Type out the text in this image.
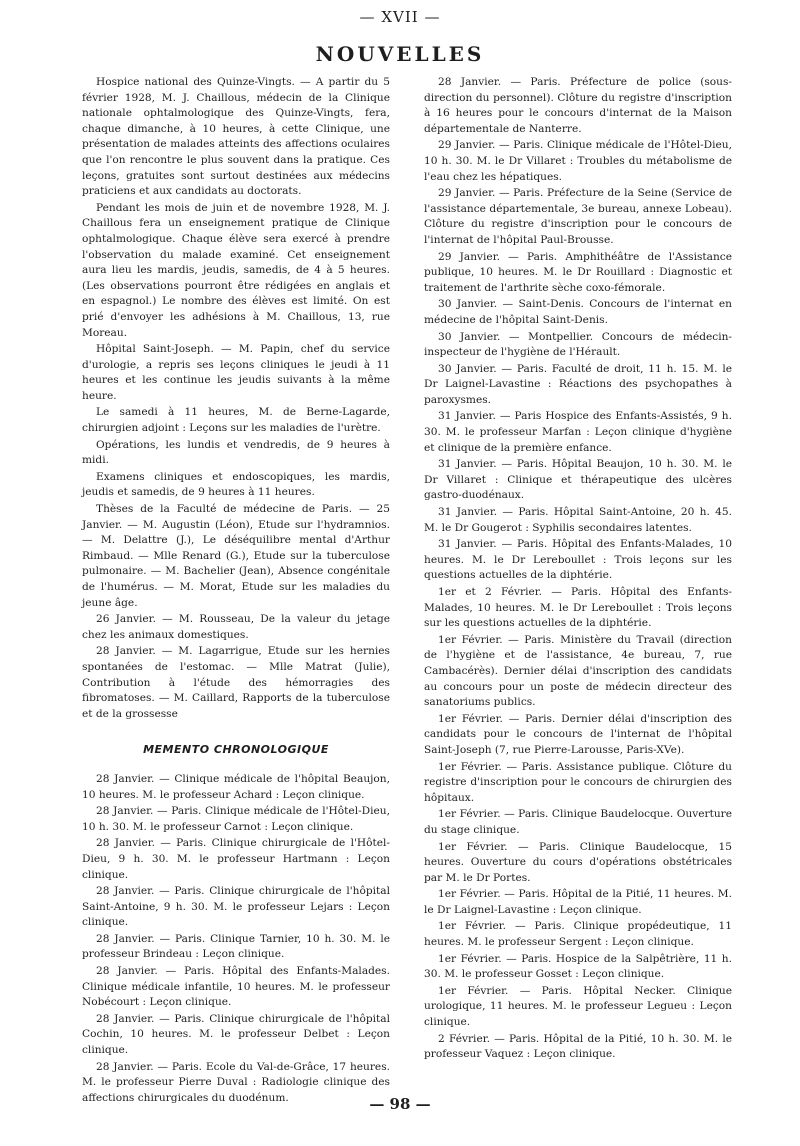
— XVII —
NOUVELLES

Hospice national des Quinze-Vingts. — A partir du 5 février 1928, M. J. Chaillous, médecin de la Clinique nationale ophtalmologique des Quinze-Vingts, fera, chaque dimanche, à 10 heures, à cette Clinique, une présentation de malades atteints des affections oculaires que l'on rencontre le plus souvent dans la pratique. Ces leçons, gratuites sont surtout destinées aux médecins praticiens et aux candidats au doctorats.

Pendant les mois de juin et de novembre 1928, M. J. Chaillous fera un enseignement pratique de Clinique ophtalmologique. Chaque élève sera exercé à prendre l'observation du malade examiné. Cet enseignement aura lieu les mardis, jeudis, samedis, de 4 à 5 heures. (Les observations pourront être rédigées en anglais et en espagnol.) Le nombre des élèves est limité. On est prié d'envoyer les adhésions à M. Chaillous, 13, rue Moreau.

Hôpital Saint-Joseph. — M. Papin, chef du service d'urologie, a repris ses leçons cliniques le jeudi à 11 heures et les continue les jeudis suivants à la même heure.

Le samedi à 11 heures, M. de Berne-Lagarde, chirurgien adjoint : Leçons sur les maladies de l'urètre.

Opérations, les lundis et vendredis, de 9 heures à midi.

Examens cliniques et endoscopiques, les mardis, jeudis et samedis, de 9 heures à 11 heures.

Thèses de la Faculté de médecine de Paris. — 25 Janvier. — M. Augustin (Léon), Etude sur l'hydramnios. — M. Delattre (J.), Le déséquilibre mental d'Arthur Rimbaud. — Mlle Renard (G.), Etude sur la tuberculose pulmonaire. — M. Bachelier (Jean), Absence congénitale de l'humérus. — M. Morat, Etude sur les maladies du jeune âge.

26 Janvier. — M. Rousseau, De la valeur du jetage chez les animaux domestiques.

28 Janvier. — M. Lagarrigue, Etude sur les hernies spontanées de l'estomac. — Mlle Matrat (Julie), Contribution à l'étude des hémorragies des fibromatoses. — M. Caillard, Rapports de la tuberculose et de la grossesse

MEMENTO CHRONOLOGIQUE

28 Janvier. — Clinique médicale de l'hôpital Beaujon, 10 heures. M. le professeur Achard : Leçon clinique.

28 Janvier. — Paris. Clinique médicale de l'Hôtel-Dieu, 10 h. 30. M. le professeur Carnot : Leçon clinique.

28 Janvier. — Paris. Clinique chirurgicale de l'Hôtel-Dieu, 9 h. 30. M. le professeur Hartmann : Leçon clinique.

28 Janvier. — Paris. Clinique chirurgicale de l'hôpital Saint-Antoine, 9 h. 30. M. le professeur Lejars : Leçon clinique.

28 Janvier. — Paris. Clinique Tarnier, 10 h. 30. M. le professeur Brindeau : Leçon clinique.

28 Janvier. — Paris. Hôpital des Enfants-Malades. Clinique médicale infantile, 10 heures. M. le professeur Nobécourt : Leçon clinique.

28 Janvier. — Paris. Clinique chirurgicale de l'hôpital Cochin, 10 heures. M. le professeur Delbet : Leçon clinique.

28 Janvier. — Paris. Ecole du Val-de-Grâce, 17 heures. M. le professeur Pierre Duval : Radiologie clinique des affections chirurgicales du duodénum.

28 Janvier. — Paris. Préfecture de police (sous-direction du personnel). Clôture du registre d'inscription à 16 heures pour le concours d'internat de la Maison départementale de Nanterre.

29 Janvier. — Paris. Clinique médicale de l'Hôtel-Dieu, 10 h. 30. M. le Dr Villaret : Troubles du métabolisme de l'eau chez les hépatiques.

29 Janvier. — Paris. Préfecture de la Seine (Service de l'assistance départementale, 3e bureau, annexe Lobeau). Clôture du registre d'inscription pour le concours de l'internat de l'hôpital Paul-Brousse.

29 Janvier. — Paris. Amphithéâtre de l'Assistance publique, 10 heures. M. le Dr Rouillard : Diagnostic et traitement de l'arthrite sèche coxo-fémorale.

30 Janvier. — Saint-Denis. Concours de l'internat en médecine de l'hôpital Saint-Denis.

30 Janvier. — Montpellier. Concours de médecin-inspecteur de l'hygiène de l'Hérault.

30 Janvier. — Paris. Faculté de droit, 11 h. 15. M. le Dr Laignel-Lavastine : Réactions des psychopathes à paroxysmes.

31 Janvier. — Paris Hospice des Enfants-Assistés, 9 h. 30. M. le professeur Marfan : Leçon clinique d'hygiène et clinique de la première enfance.

31 Janvier. — Paris. Hôpital Beaujon, 10 h. 30. M. le Dr Villaret : Clinique et thérapeutique des ulcères gastro-duodénaux.

31 Janvier. — Paris. Hôpital Saint-Antoine, 20 h. 45. M. le Dr Gougerot : Syphilis secondaires latentes.

31 Janvier. — Paris. Hôpital des Enfants-Malades, 10 heures. M. le Dr Lereboullet : Trois leçons sur les questions actuelles de la diphtérie.

1er et 2 Février. — Paris. Hôpital des Enfants-Malades, 10 heures. M. le Dr Lereboullet : Trois leçons sur les questions actuelles de la diphtérie.

1er Février. — Paris. Ministère du Travail (direction de l'hygiène et de l'assistance, 4e bureau, 7, rue Cambacérès). Dernier délai d'inscription des candidats au concours pour un poste de médecin directeur des sanatoriums publics.

1er Février. — Paris. Dernier délai d'inscription des candidats pour le concours de l'internat de l'hôpital Saint-Joseph (7, rue Pierre-Larousse, Paris-XVe).

1er Février. — Paris. Assistance publique. Clôture du registre d'inscription pour le concours de chirurgien des hôpitaux.

1er Février. — Paris. Clinique Baudelocque. Ouverture du stage clinique.

1er Février. — Paris. Clinique Baudelocque, 15 heures. Ouverture du cours d'opérations obstétricales par M. le Dr Portes.

1er Février. — Paris. Hôpital de la Pitié, 11 heures. M. le Dr Laignel-Lavastine : Leçon clinique.

1er Février. — Paris. Clinique propédeutique, 11 heures. M. le professeur Sergent : Leçon clinique.

1er Février. — Paris. Hospice de la Salpêtrière, 11 h. 30. M. le professeur Gosset : Leçon clinique.

1er Février. — Paris. Hôpital Necker. Clinique urologique, 11 heures. M. le professeur Legueu : Leçon clinique.

2 Février. — Paris. Hôpital de la Pitié, 10 h. 30. M. le professeur Vaquez : Leçon clinique.

— 98 —
